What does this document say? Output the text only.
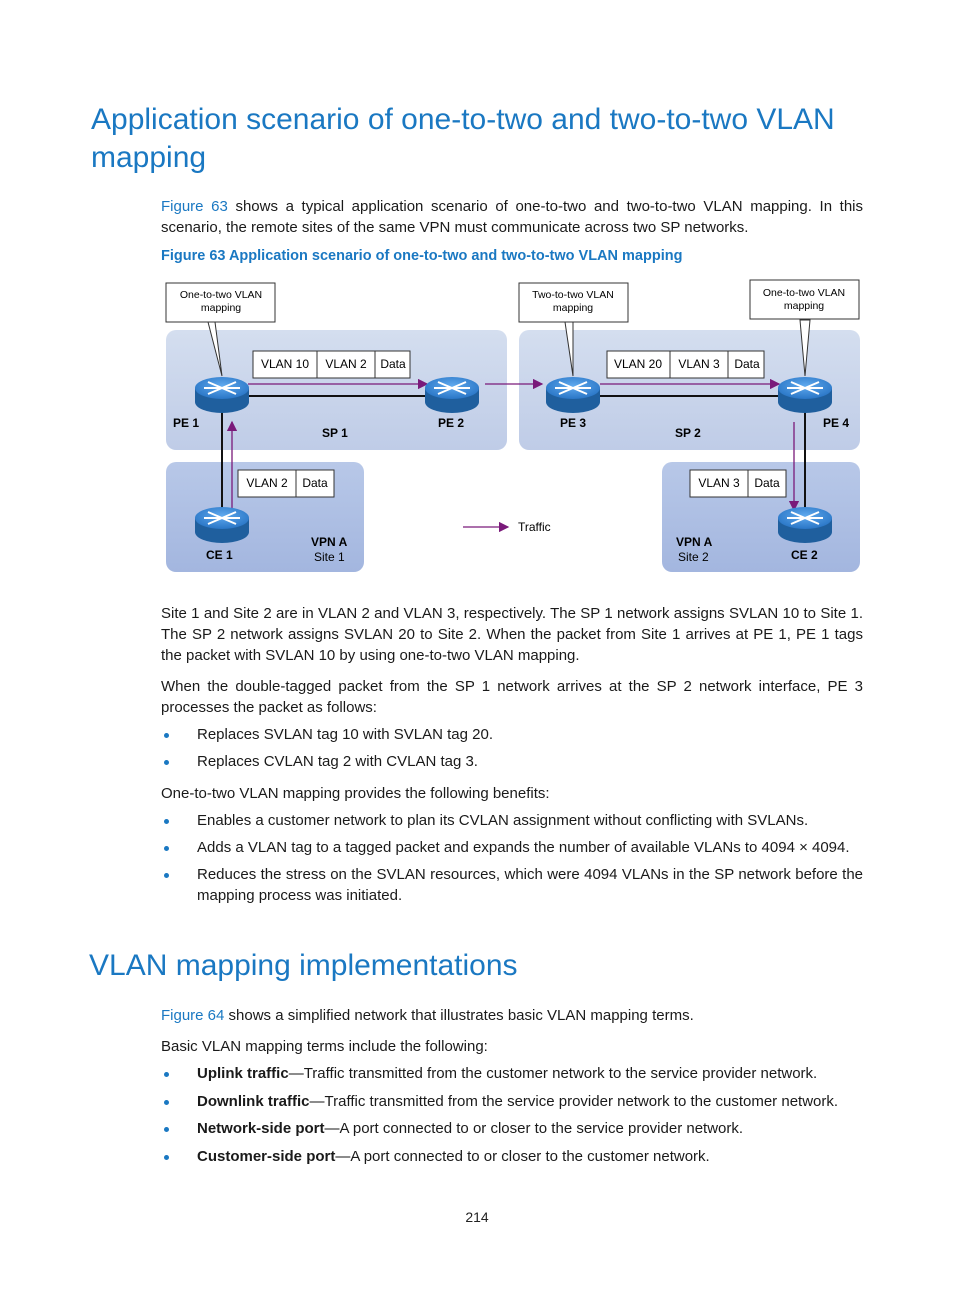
Application scenario of one-to-two and two-to-two VLAN
mapping

Figure 63 shows a typical application scenario of one-to-two and two-to-two VLAN mapping. In this scenario, the remote sites of the same VPN must communicate across two SP networks.

Figure 63 Application scenario of one-to-two and two-to-two VLAN mapping
One-to-two VLAN
mapping
Two-to-two VLAN
mapping
One-to-two VLAN
mapping
VLAN 10 VLAN 2 Data	VLAN 20 VLAN 3 Data
VLAN 2 Data	VLAN 3 Data
PE 1	PE 2	PE 3	PE 4
SP 1	SP 2
CE 1	CE 2
VPN A
Site 1
VPN A
Site 2
Traffic

Site 1 and Site 2 are in VLAN 2 and VLAN 3, respectively. The SP 1 network assigns SVLAN 10 to Site 1. The SP 2 network assigns SVLAN 20 to Site 2. When the packet from Site 1 arrives at PE 1, PE 1 tags the packet with SVLAN 10 by using one-to-two VLAN mapping.

When the double-tagged packet from the SP 1 network arrives at the SP 2 network interface, PE 3 processes the packet as follows:

Replaces SVLAN tag 10 with SVLAN tag 20.
Replaces CVLAN tag 2 with CVLAN tag 3.

One-to-two VLAN mapping provides the following benefits:

Enables a customer network to plan its CVLAN assignment without conflicting with SVLANs.
Adds a VLAN tag to a tagged packet and expands the number of available VLANs to 4094 × 4094.
Reduces the stress on the SVLAN resources, which were 4094 VLANs in the SP network before the mapping process was initiated.
VLAN mapping implementations

Figure 64 shows a simplified network that illustrates basic VLAN mapping terms.

Basic VLAN mapping terms include the following:

Uplink traffic—Traffic transmitted from the customer network to the service provider network.
Downlink traffic—Traffic transmitted from the service provider network to the customer network.
Network-side port—A port connected to or closer to the service provider network.
Customer-side port—A port connected to or closer to the customer network.
214
